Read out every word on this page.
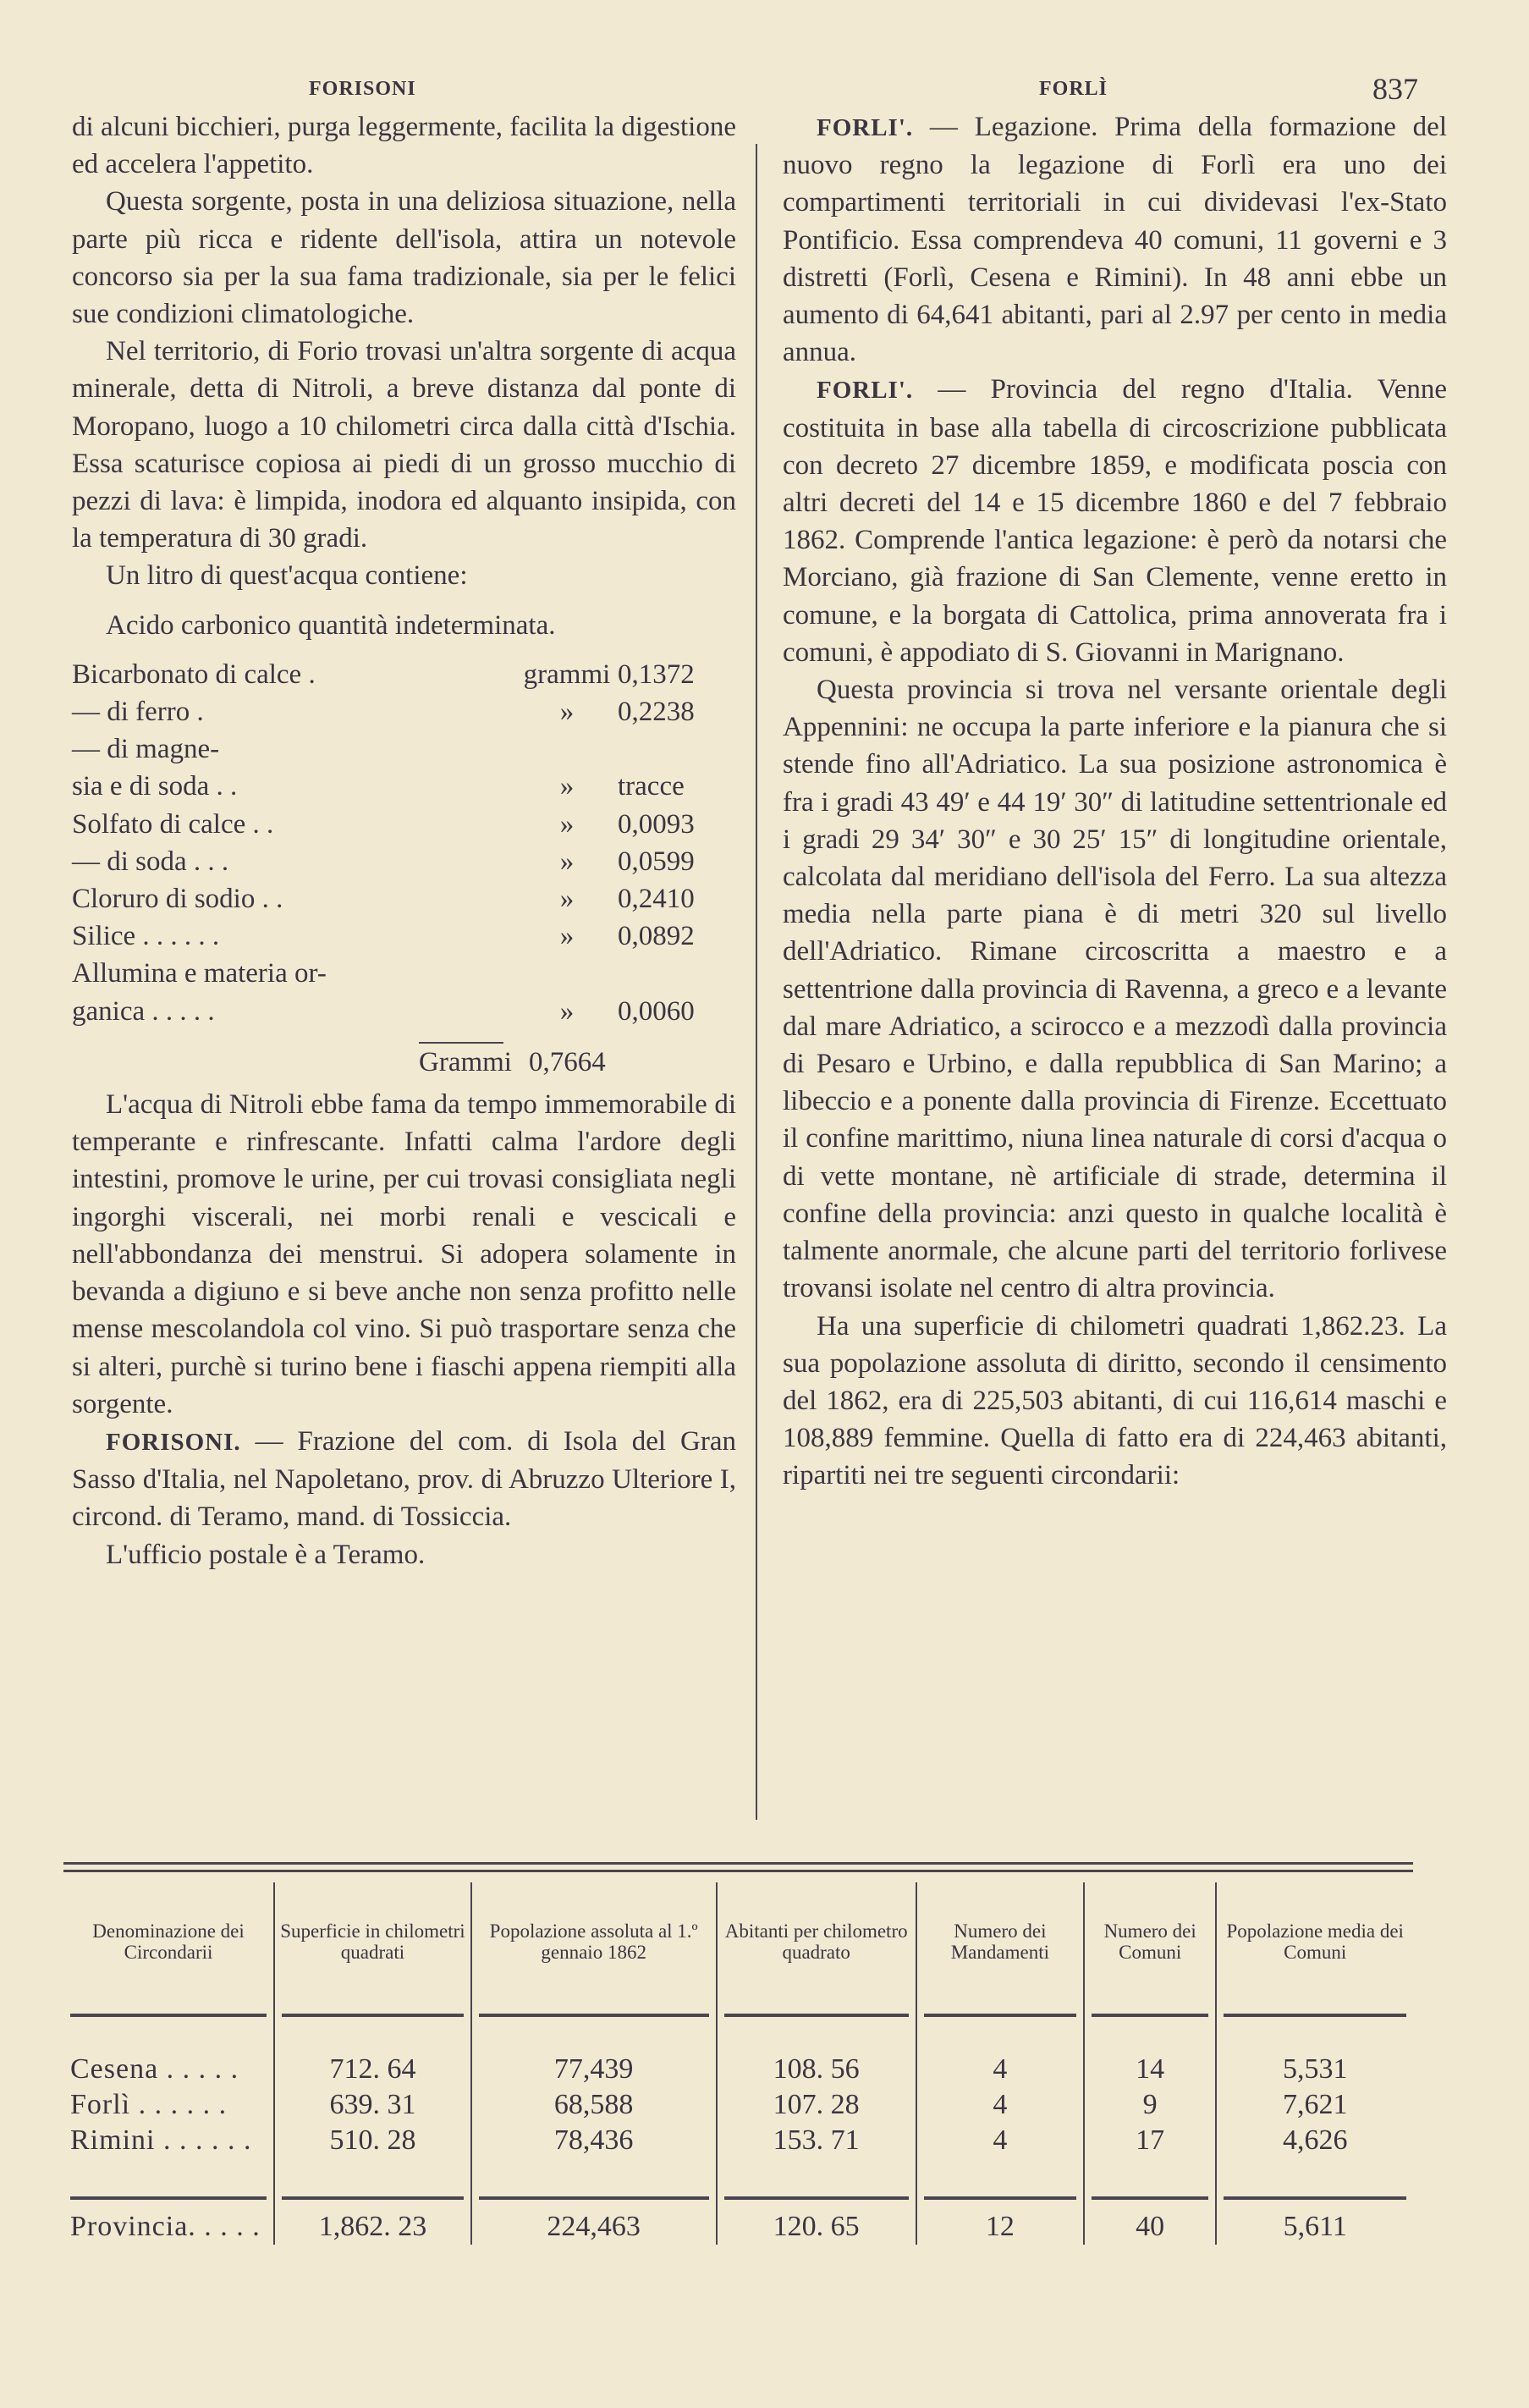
FORISONI	FORLÌ	837

di alcuni bicchieri, purga leggermente, facilita la digestione ed accelera l'appetito.

Questa sorgente, posta in una deliziosa situazione, nella parte più ricca e ridente dell'isola, attira un notevole concorso sia per la sua fama tradizionale, sia per le felici sue condizioni climatologiche.

Nel territorio, di Forio trovasi un'altra sorgente di acqua minerale, detta di Nitroli, a breve distanza dal ponte di Moropano, luogo a 10 chilometri circa dalla città d'Ischia. Essa scaturisce copiosa ai piedi di un grosso mucchio di pezzi di lava: è limpida, inodora ed alquanto insipida, con la temperatura di 30 gradi.

Un litro di quest'acqua contiene:

Acido carbonico quantità indeterminata.

Bicarbonato di calce .	grammi	0,1372
— di ferro .	»	0,2238
— di magne-		
sia e di soda . .	»	tracce
Solfato di calce . .	»	0,0093
— di soda . . .	»	0,0599
Cloruro di sodio . .	»	0,2410
Silice . . . . . .	»	0,0892
Allumina e materia or-		
ganica . . . . .	»	0,0060
Grammi 0,7664

L'acqua di Nitroli ebbe fama da tempo immemorabile di temperante e rinfrescante. Infatti calma l'ardore degli intestini, promove le urine, per cui trovasi consigliata negli ingorghi viscerali, nei morbi renali e vescicali e nell'abbondanza dei menstrui. Si adopera solamente in bevanda a digiuno e si beve anche non senza profitto nelle mense mescolandola col vino. Si può trasportare senza che si alteri, purchè si turino bene i fiaschi appena riempiti alla sorgente.

FORISONI. — Frazione del com. di Isola del Gran Sasso d'Italia, nel Napoletano, prov. di Abruzzo Ulteriore I, circond. di Teramo, mand. di Tossiccia.

L'ufficio postale è a Teramo.

FORLI'. — Legazione. Prima della formazione del nuovo regno la legazione di Forlì era uno dei compartimenti territoriali in cui dividevasi l'ex-Stato Pontificio. Essa comprendeva 40 comuni, 11 governi e 3 distretti (Forlì, Cesena e Rimini). In 48 anni ebbe un aumento di 64,641 abitanti, pari al 2.97 per cento in media annua.

FORLI'. — Provincia del regno d'Italia. Venne costituita in base alla tabella di circoscrizione pubblicata con decreto 27 dicembre 1859, e modificata poscia con altri decreti del 14 e 15 dicembre 1860 e del 7 febbraio 1862. Comprende l'antica legazione: è però da notarsi che Morciano, già frazione di San Clemente, venne eretto in comune, e la borgata di Cattolica, prima annoverata fra i comuni, è appodiato di S. Giovanni in Marignano.

Questa provincia si trova nel versante orientale degli Appennini: ne occupa la parte inferiore e la pianura che si stende fino all'Adriatico. La sua posizione astronomica è fra i gradi 43 49′ e 44 19′ 30″ di latitudine settentrionale ed i gradi 29 34′ 30″ e 30 25′ 15″ di longitudine orientale, calcolata dal meridiano dell'isola del Ferro. La sua altezza media nella parte piana è di metri 320 sul livello dell'Adriatico. Rimane circoscritta a maestro e a settentrione dalla provincia di Ravenna, a greco e a levante dal mare Adriatico, a scirocco e a mezzodì dalla provincia di Pesaro e Urbino, e dalla repubblica di San Marino; a libeccio e a ponente dalla provincia di Firenze. Eccettuato il confine marittimo, niuna linea naturale di corsi d'acqua o di vette montane, nè artificiale di strade, determina il confine della provincia: anzi questo in qualche località è talmente anormale, che alcune parti del territorio forlivese trovansi isolate nel centro di altra provincia.

Ha una superficie di chilometri quadrati 1,862.23. La sua popolazione assoluta di diritto, secondo il censimento del 1862, era di 225,503 abitanti, di cui 116,614 maschi e 108,889 femmine. Quella di fatto era di 224,463 abitanti, ripartiti nei tre seguenti circondarii:

Denominazione dei Circondarii	Superficie in chilometri quadrati	Popolazione assoluta al 1.º gennaio 1862	Abitanti per chilometro quadrato	Numero dei Mandamenti	Numero dei Comuni	Popolazione media dei Comuni

Cesena . . . . .	712. 64	77,439	108. 56	4	14	5,531
Forlì . . . . . .	639. 31	68,588	107. 28	4	9	7,621
Rimini . . . . . .	510. 28	78,436	153. 71	4	17	4,626

Provincia. . . . .	1,862. 23	224,463	120. 65	12	40	5,611
